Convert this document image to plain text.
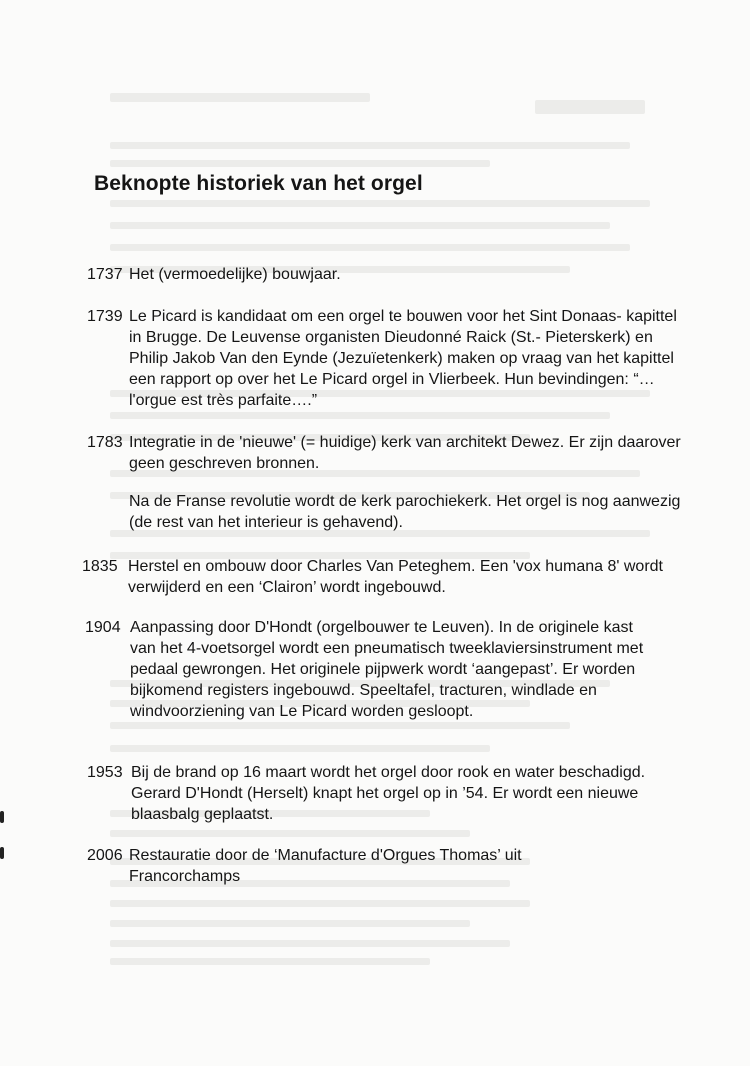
Beknopte historiek van het orgel
1737 Het (vermoedelijke) bouwjaar.

1739 Le Picard is kandidaat om een orgel te bouwen voor het Sint Donaas- kapittel in Brugge. De Leuvense organisten Dieudonné Raick (St.- Pieterskerk) en Philip Jakob Van den Eynde (Jezuïetenkerk) maken op vraag van het kapittel een rapport op over het Le Picard orgel in Vlierbeek. Hun bevindingen: “…l'orgue est très parfaite….”

1783 Integratie in de 'nieuwe' (= huidige) kerk van architekt Dewez. Er zijn daarover geen geschreven bronnen.

Na de Franse revolutie wordt de kerk parochiekerk. Het orgel is nog aanwezig (de rest van het interieur is gehavend).

1835 Herstel en ombouw door Charles Van Peteghem. Een 'vox humana 8' wordt verwijderd en een ‘Clairon’ wordt ingebouwd.

1904 Aanpassing door D'Hondt (orgelbouwer te Leuven). In de originele kast van het 4-voetsorgel wordt een pneumatisch tweeklaviersinstrument met pedaal gewrongen. Het originele pijpwerk wordt ‘aangepast’. Er worden bijkomend registers ingebouwd. Speeltafel, tracturen, windlade en windvoorziening van Le Picard worden gesloopt.

1953 Bij de brand op 16 maart wordt het orgel door rook en water beschadigd. Gerard D'Hondt (Herselt) knapt het orgel op in ’54. Er wordt een nieuwe blaasbalg geplaatst.

2006 Restauratie door de ‘Manufacture d'Orgues Thomas’ uit Francorchamps
